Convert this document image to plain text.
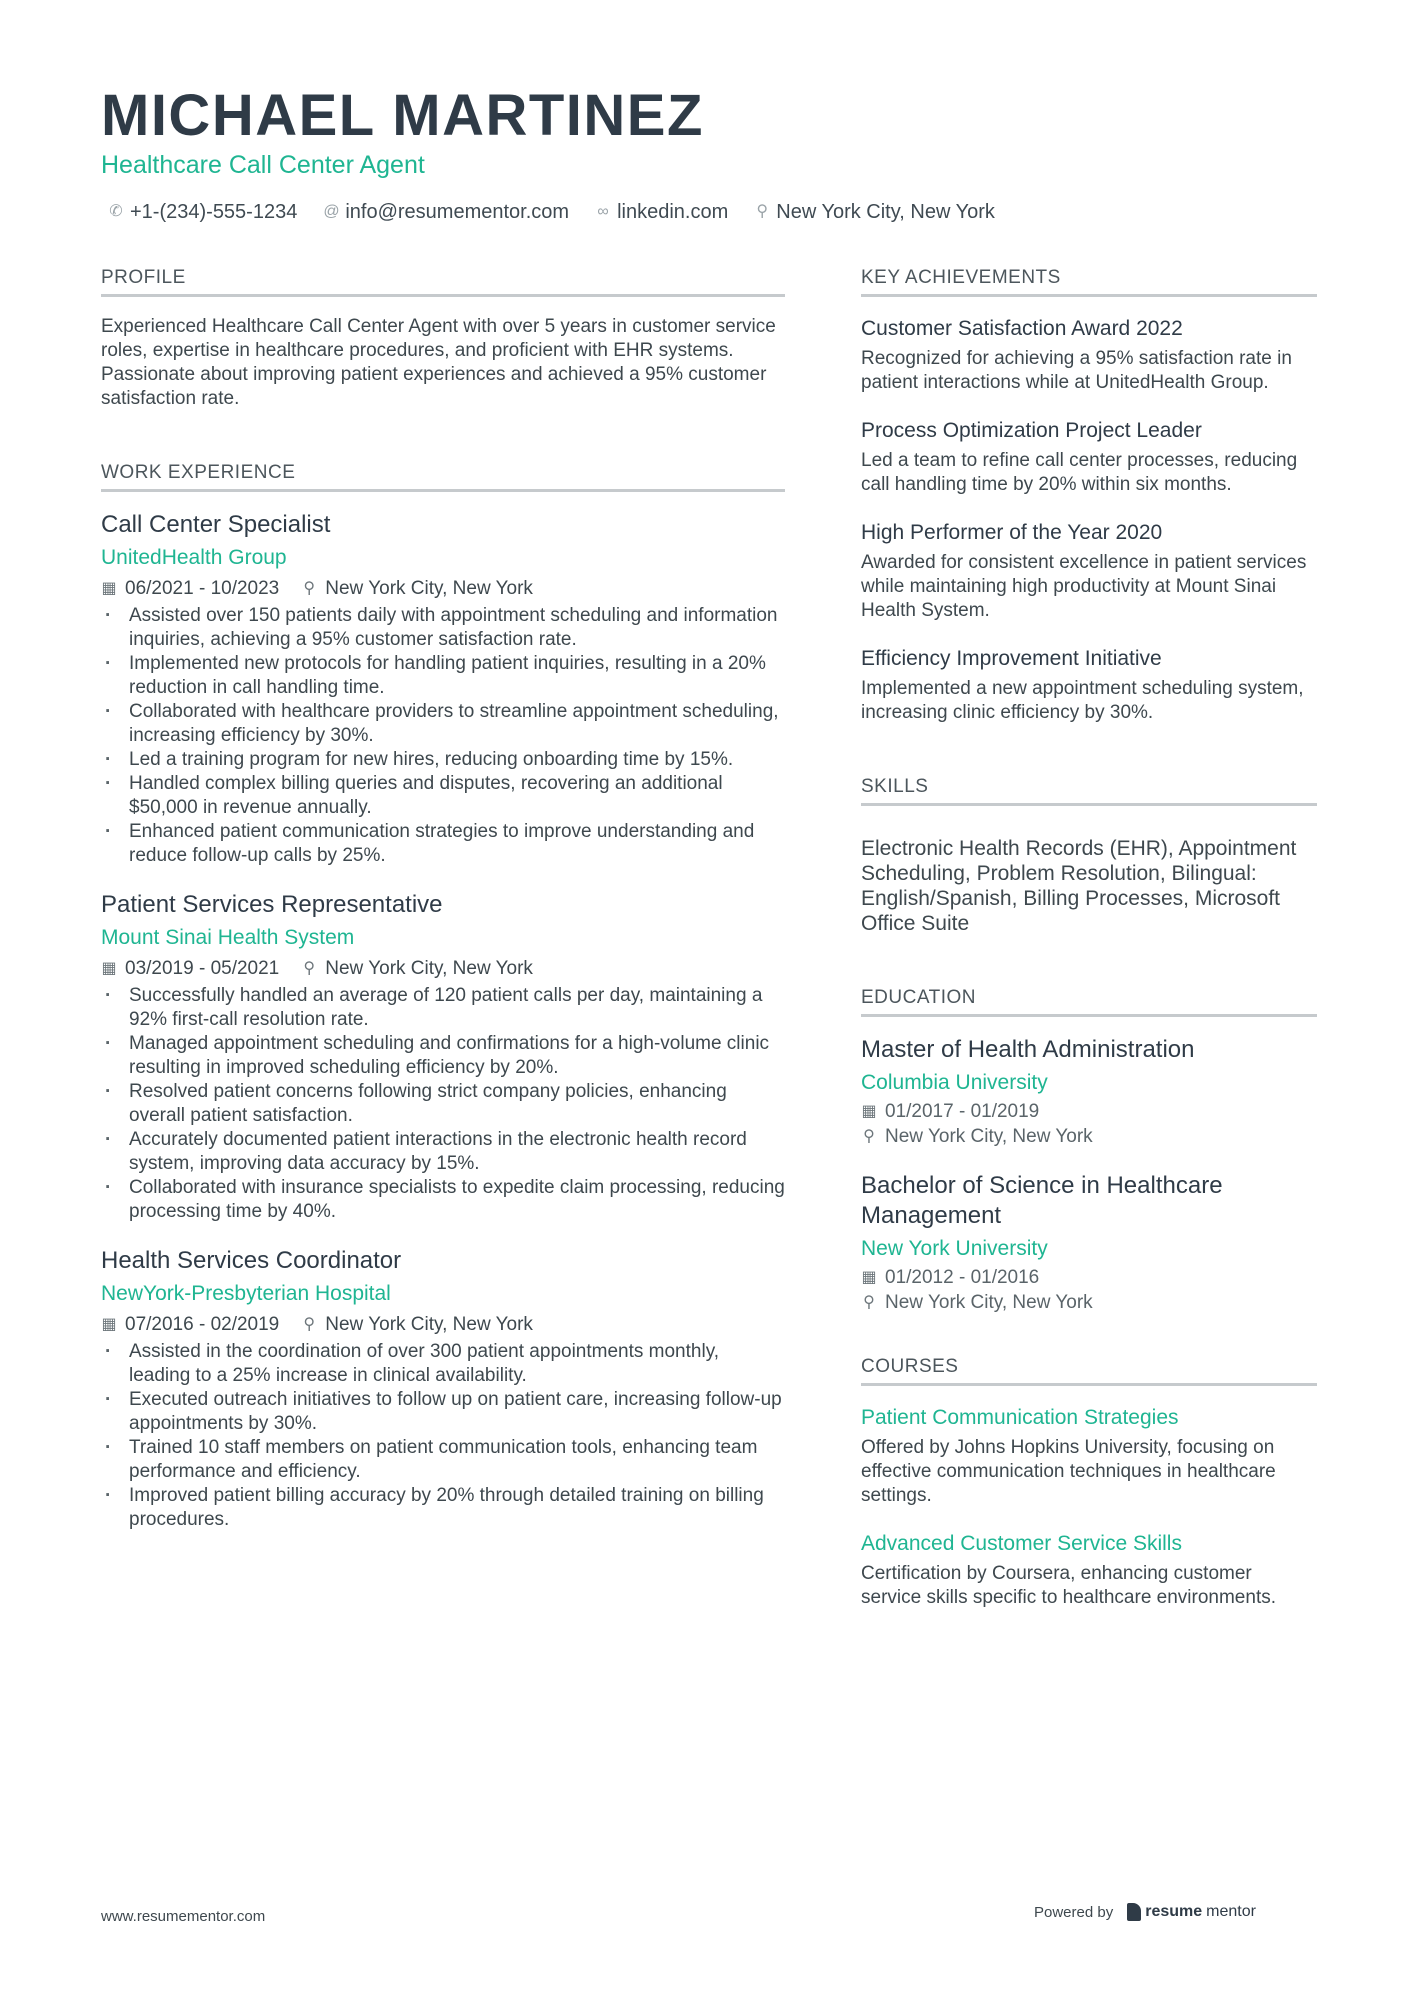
MICHAEL MARTINEZ
Healthcare Call Center Agent
✆ +1-(234)-555-1234 @ info@resumementor.com ∞ linkedin.com ⚲ New York City, New York
PROFILE

Experienced Healthcare Call Center Agent with over 5 years in customer service roles, expertise in healthcare procedures, and proficient with EHR systems. Passionate about improving patient experiences and achieved a 95% customer satisfaction rate.

WORK EXPERIENCE
Call Center Specialist
UnitedHealth Group
▦ 06/2021 - 10/2023 ⚲ New York City, New York
· Assisted over 150 patients daily with appointment scheduling and information inquiries, achieving a 95% customer satisfaction rate.
· Implemented new protocols for handling patient inquiries, resulting in a 20% reduction in call handling time.
· Collaborated with healthcare providers to streamline appointment scheduling, increasing efficiency by 30%.
· Led a training program for new hires, reducing onboarding time by 15%.
· Handled complex billing queries and disputes, recovering an additional $50,000 in revenue annually.
· Enhanced patient communication strategies to improve understanding and reduce follow-up calls by 25%.
Patient Services Representative
Mount Sinai Health System
▦ 03/2019 - 05/2021 ⚲ New York City, New York
· Successfully handled an average of 120 patient calls per day, maintaining a 92% first-call resolution rate.
· Managed appointment scheduling and confirmations for a high-volume clinic resulting in improved scheduling efficiency by 20%.
· Resolved patient concerns following strict company policies, enhancing overall patient satisfaction.
· Accurately documented patient interactions in the electronic health record system, improving data accuracy by 15%.
· Collaborated with insurance specialists to expedite claim processing, reducing processing time by 40%.
Health Services Coordinator
NewYork-Presbyterian Hospital
▦ 07/2016 - 02/2019 ⚲ New York City, New York
· Assisted in the coordination of over 300 patient appointments monthly, leading to a 25% increase in clinical availability.
· Executed outreach initiatives to follow up on patient care, increasing follow-up appointments by 30%.
· Trained 10 staff members on patient communication tools, enhancing team performance and efficiency.
· Improved patient billing accuracy by 20% through detailed training on billing procedures.
KEY ACHIEVEMENTS
Customer Satisfaction Award 2022

Recognized for achieving a 95% satisfaction rate in patient interactions while at UnitedHealth Group.

Process Optimization Project Leader

Led a team to refine call center processes, reducing call handling time by 20% within six months.

High Performer of the Year 2020

Awarded for consistent excellence in patient services while maintaining high productivity at Mount Sinai Health System.

Efficiency Improvement Initiative

Implemented a new appointment scheduling system, increasing clinic efficiency by 30%.

SKILLS

Electronic Health Records (EHR), Appointment Scheduling, Problem Resolution, Bilingual: English/Spanish, Billing Processes, Microsoft Office Suite

EDUCATION
Master of Health Administration
Columbia University
▦ 01/2017 - 01/2019
⚲ New York City, New York
Bachelor of Science in Healthcare Management
New York University
▦ 01/2012 - 01/2016
⚲ New York City, New York
COURSES
Patient Communication Strategies

Offered by Johns Hopkins University, focusing on effective communication techniques in healthcare settings.

Advanced Customer Service Skills

Certification by Coursera, enhancing customer service skills specific to healthcare environments.

www.resumementor.com	Powered by resume mentor
